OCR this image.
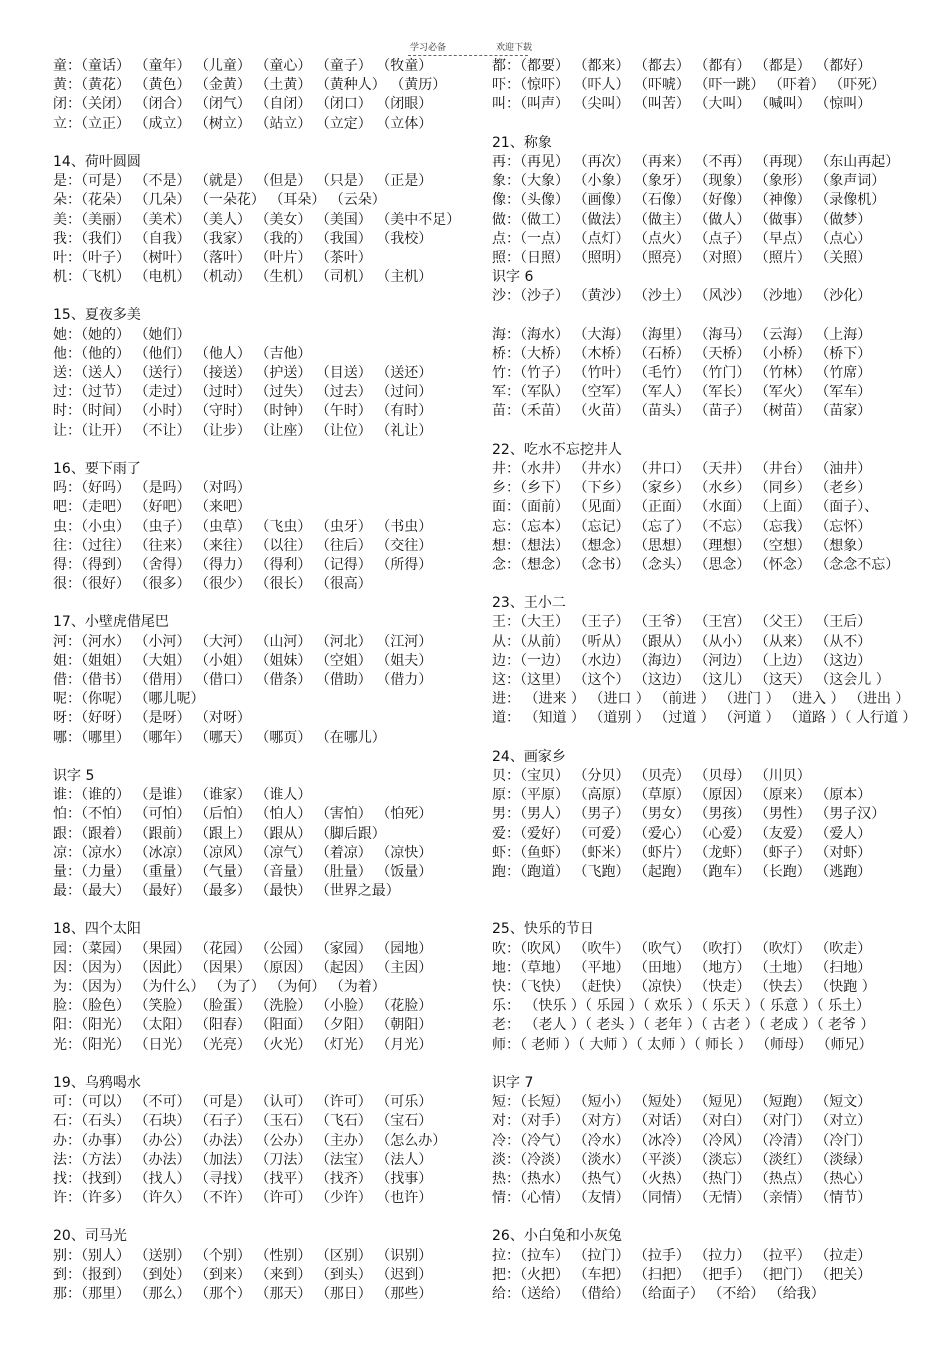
学习必备	欢迎下载
童：（童话） （童年） （儿童） （童心） （童子） （牧童）
黄：（黄花） （黄色） （金黄） （土黄） （黄种人） （黄历）
闭：（关闭） （闭合） （闭气） （自闭） （闭口） （闭眼）
立：（立正） （成立） （树立） （站立） （立定） （立体）
14、荷叶圆圆
是：（可是） （不是） （就是） （但是） （只是） （正是）
朵：（花朵） （几朵） （一朵花） （耳朵） （云朵）
美：（美丽） （美术） （美人） （美女） （美国） （美中不足）
我：（我们） （自我） （我家） （我的） （我国） （我校）
叶：（叶子） （树叶） （落叶） （叶片） （茶叶）
机：（飞机） （电机） （机动） （生机） （司机） （主机）
15、夏夜多美
她：（她的） （她们）
他：（他的） （他们） （他人） （吉他）
送：（送人） （送行） （接送） （护送） （目送） （送还）
过：（过节） （走过） （过时） （过失） （过去） （过问）
时：（时间） （小时） （守时） （时钟） （午时） （有时）
让：（让开） （不让） （让步） （让座） （让位） （礼让）
16、要下雨了
吗：（好吗） （是吗） （对吗）
吧：（走吧） （好吧） （来吧）
虫：（小虫） （虫子） （虫草） （飞虫） （虫牙） （书虫）
往：（过往） （往来） （来往） （以往） （往后） （交往）
得：（得到） （舍得） （得力） （得利） （记得） （所得）
很：（很好） （很多） （很少） （很长） （很高）
17、小壁虎借尾巴
河：（河水） （小河） （大河） （山河） （河北） （江河）
姐：（姐姐） （大姐） （小姐） （姐妹） （空姐） （姐夫）
借：（借书） （借用） （借口） （借条） （借助） （借力）
呢：（你呢） （哪儿呢）
呀：（好呀） （是呀） （对呀）
哪：（哪里） （哪年） （哪天） （哪页） （在哪儿）
识字 5
谁：（谁的） （是谁） （谁家） （谁人）
怕：（不怕） （可怕） （后怕） （怕人） （害怕） （怕死）
跟：（跟着） （跟前） （跟上） （跟从） （脚后跟）
凉：（凉水） （冰凉） （凉风） （凉气） （着凉） （凉快）
量：（力量） （重量） （气量） （音量） （肚量） （饭量）
最：（最大） （最好） （最多） （最快） （世界之最）
18、四个太阳
园：（菜园） （果园） （花园） （公园） （家园） （园地）
因：（因为） （因此） （因果） （原因） （起因） （主因）
为：（因为） （为什么） （为了） （为何） （为着）
脸：（脸色） （笑脸） （脸蛋） （洗脸） （小脸） （花脸）
阳：（阳光） （太阳） （阳春） （阳面） （夕阳） （朝阳）
光：（阳光） （日光） （光亮） （火光） （灯光） （月光）
19、乌鸦喝水
可：（可以） （不可） （可是） （认可） （许可） （可乐）
石：（石头） （石块） （石子） （玉石） （飞石） （宝石）
办：（办事） （办公） （办法） （公办） （主办） （怎么办）
法：（方法） （办法） （加法） （刀法） （法宝） （法人）
找：（找到） （找人） （寻找） （找平） （找齐） （找事）
许：（许多） （许久） （不许） （许可） （少许） （也许）
20、司马光
别：（别人） （送别） （个别） （性别） （区别） （识别）
到：（报到） （到处） （到来） （来到） （到头） （迟到）
那：（那里） （那么） （那个） （那天） （那日） （那些）
都：（都要） （都来） （都去） （都有） （都是） （都好）
吓：（惊吓） （吓人） （吓唬） （吓一跳） （吓着） （吓死）
叫：（叫声） （尖叫） （叫苦） （大叫） （喊叫） （惊叫）
21、称象
再：（再见） （再次） （再来） （不再） （再现） （东山再起）
象：（大象） （小象） （象牙） （现象） （象形） （象声词）
像：（头像） （画像） （石像） （好像） （神像） （录像机）
做：（做工） （做法） （做主） （做人） （做事） （做梦）
点：（一点） （点灯） （点火） （点子） （早点） （点心）
照：（日照） （照明） （照亮） （对照） （照片） （关照）
识字 6
沙：（沙子） （黄沙） （沙土） （风沙） （沙地） （沙化）
海：（海水） （大海） （海里） （海马） （云海） （上海）
桥：（大桥） （木桥） （石桥） （天桥） （小桥） （桥下）
竹：（竹子） （竹叶） （毛竹） （竹门） （竹林） （竹席）
军：（军队） （空军） （军人） （军长） （军火） （军车）
苗：（禾苗） （火苗） （苗头） （苗子） （树苗） （苗家）
22、吃水不忘挖井人
井：（水井） （井水） （井口） （天井） （井台） （油井）
乡：（乡下） （下乡） （家乡） （水乡） （同乡） （老乡）
面：（面前） （见面） （正面） （水面） （上面） （面子）、
忘：（忘本） （忘记） （忘了） （不忘） （忘我） （忘怀）
想：（想法） （想念） （思想） （理想） （空想） （想象）
念：（想念） （念书） （念头） （思念） （怀念） （念念不忘）
23、王小二
王：（大王） （王子） （王爷） （王宫） （父王） （王后）
从：（从前） （听从） （跟从） （从小） （从来） （从不）
边：（一边） （水边） （海边） （河边） （上边） （这边）
这：（这里） （这个） （这边） （这儿） （这天） （这会儿 ）
进： （进来 ） （进口 ） （前进 ） （进门 ） （进入 ） （进出 ）
道： （知道 ） （道别 ） （过道 ） （河道 ） （道路 ）（ 人行道 ）
24、画家乡
贝：（宝贝） （分贝） （贝壳） （贝母） （川贝）
原：（平原） （高原） （草原） （原因） （原来） （原本）
男：（男人） （男子） （男女） （男孩） （男性） （男子汉）
爱：（爱好） （可爱） （爱心） （心爱） （友爱） （爱人）
虾：（鱼虾） （虾米） （虾片） （龙虾） （虾子） （对虾）
跑：（跑道） （飞跑） （起跑） （跑车） （长跑） （逃跑）
25、快乐的节日
吹：（吹风） （吹牛） （吹气） （吹打） （吹灯） （吹走）
地：（草地） （平地） （田地） （地方） （土地） （扫地）
快：（飞快） （赶快） （凉快） （快走） （快去） （快跑 ）
乐： （快乐 ）（ 乐园 ）（ 欢乐 ）（ 乐天 ）（ 乐意 ）（ 乐土）
老： （老人 ）（ 老头 ）（ 老年 ）（ 古老 ）（ 老成 ）（ 老爷 ）
师：（ 老师 ）（ 大师 ）（ 太师 ）（ 师长 ） （师母） （师兄）
识字 7
短：（长短） （短小） （短处） （短见） （短跑） （短文）
对：（对手） （对方） （对话） （对白） （对门） （对立）
冷：（冷气） （冷水） （冰冷） （冷风） （冷清） （冷门）
淡：（冷淡） （淡水） （平淡） （淡忘） （淡红） （淡绿）
热：（热水） （热气） （火热） （热门） （热点） （热心）
情：（心情） （友情） （同情） （无情） （亲情） （情节）
26、小白兔和小灰兔
拉：（拉车） （拉门） （拉手） （拉力） （拉平） （拉走）
把：（火把） （车把） （扫把） （把手） （把门） （把关）
给：（送给） （借给） （给面子） （不给） （给我）
